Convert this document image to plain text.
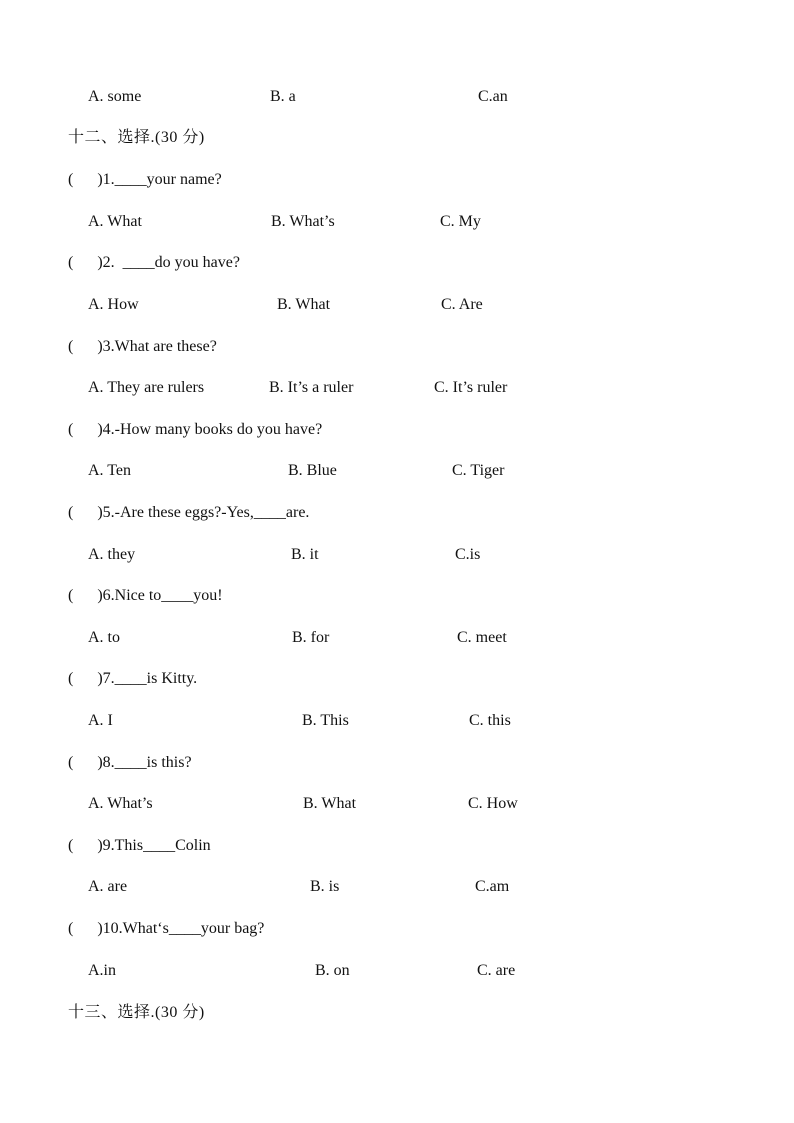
A. some	B. a	C.an
十二、选择.(30 分)
(      )1.____your name?
A. What	B. What’s	C. My
(      )2.  ____do you have?
A. How	B. What	C. Are
(      )3.What are these?
A. They are rulers	B. It’s a ruler	C. It’s ruler
(      )4.-How many books do you have?
A. Ten	B. Blue	C. Tiger
(      )5.-Are these eggs?-Yes,____are.
A. they	B. it	C.is
(      )6.Nice to____you!
A. to	B. for	C. meet
(      )7.____is Kitty.
A. I	B. This	C. this
(      )8.____is this?
A. What’s	B. What	C. How
(      )9.This____Colin
A. are	B. is	C.am
(      )10.What‘s____your bag?
A.in	B. on	C. are
十三、选择.(30 分)
